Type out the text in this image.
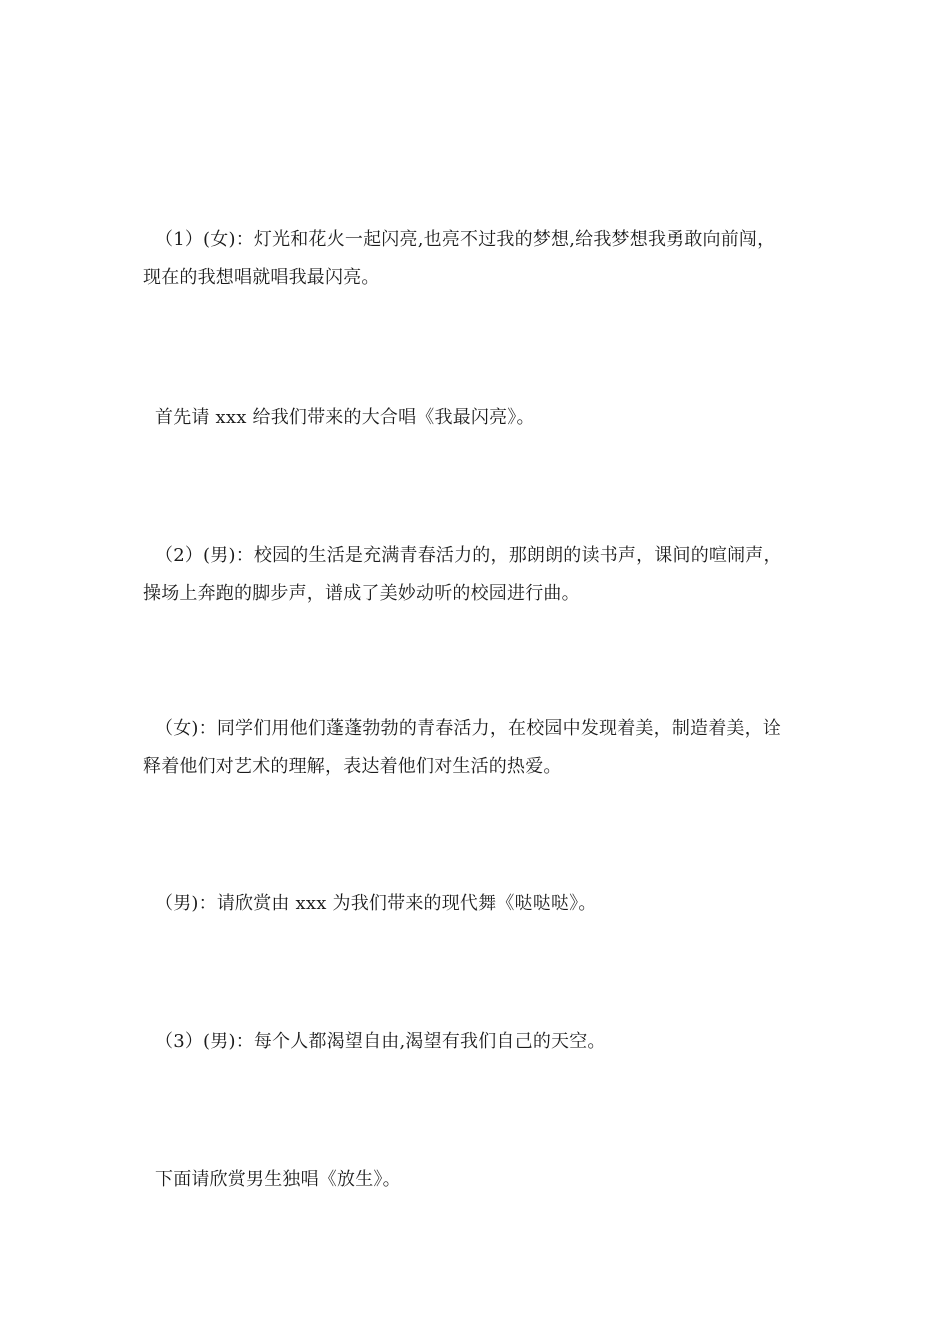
（1）(女)：灯光和花火一起闪亮,也亮不过我的梦想,给我梦想我勇敢向前闯，
现在的我想唱就唱我最闪亮。

首先请 xxx 给我们带来的大合唱《我最闪亮》。

（2）(男)：校园的生活是充满青春活力的，那朗朗的读书声，课间的喧闹声，
操场上奔跑的脚步声，谱成了美妙动听的校园进行曲。

（女)：同学们用他们蓬蓬勃勃的青春活力，在校园中发现着美，制造着美，诠
释着他们对艺术的理解，表达着他们对生活的热爱。

（男)：请欣赏由 xxx 为我们带来的现代舞《哒哒哒》。

（3）(男)：每个人都渴望自由,渴望有我们自己的天空。

下面请欣赏男生独唱《放生》。
